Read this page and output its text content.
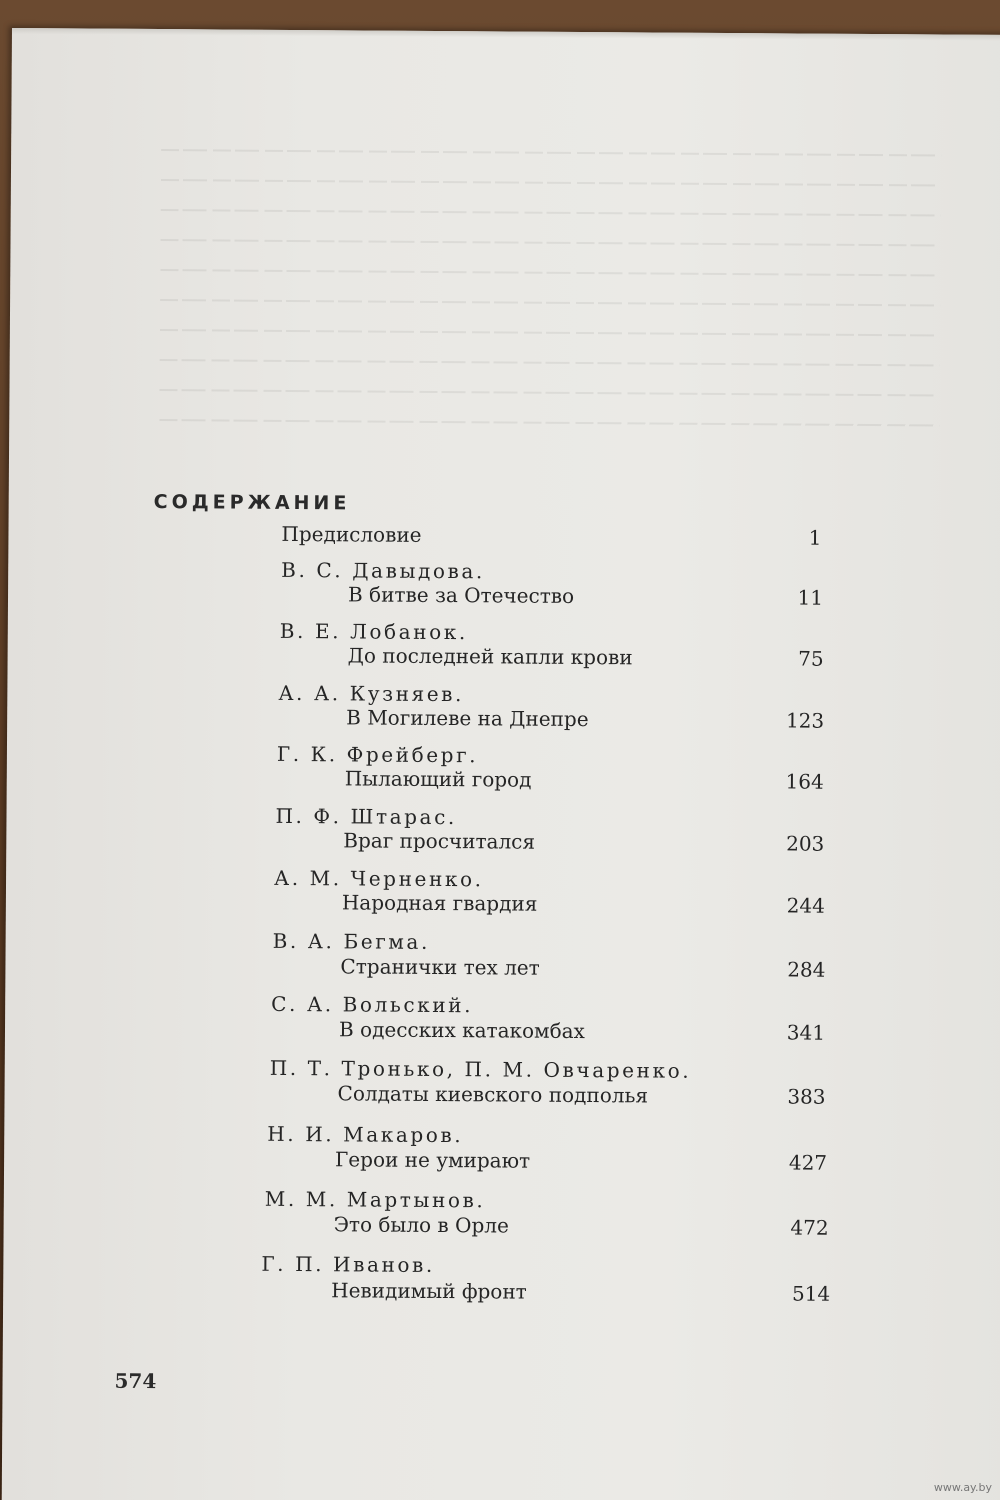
СОДЕРЖАНИЕ
Предисловие	1
В. С. Давыдова.
В битве за Отечество	11
В. Е. Лобанок.
До последней капли крови	75
А. А. Кузняев.
В Могилеве на Днепре	123
Г. К. Фрейберг.
Пылающий город	164
П. Ф. Штарас.
Враг просчитался	203
А. М. Черненко.
Народная гвардия	244
В. А. Бегма.
Странички тех лет	284
С. А. Вольский.
В одесских катакомбах	341
П. Т. Тронько, П. М. Овчаренко.
Солдаты киевского подполья	383
Н. И. Макаров.
Герои не умирают	427
М. М. Мартынов.
Это было в Орле	472
Г. П. Иванов.
Невидимый фронт	514
574
www.ay.by
